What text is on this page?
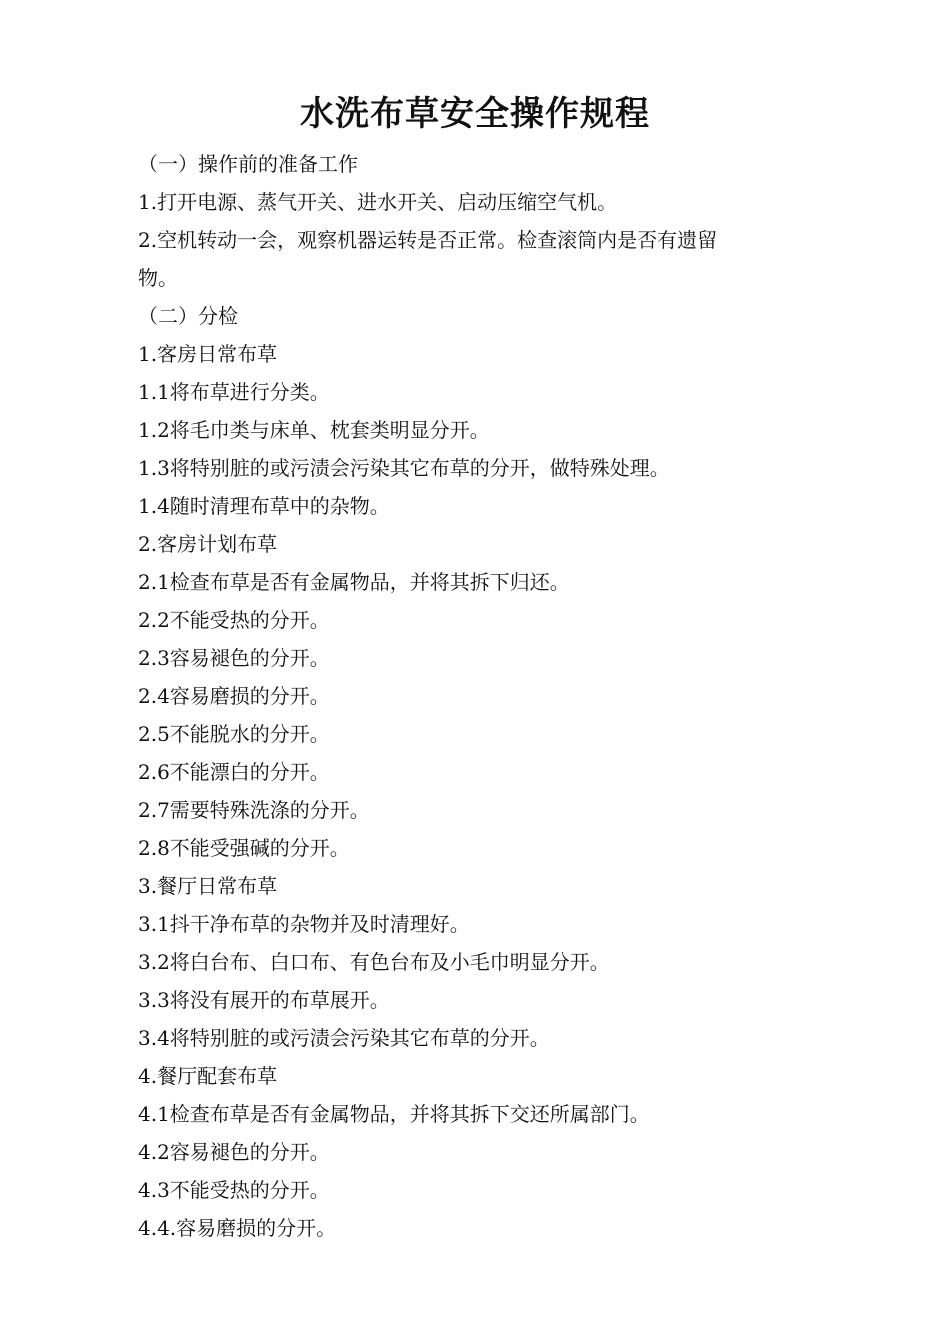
水洗布草安全操作规程

（一）操作前的准备工作

1.打开电源、蒸气开关、进水开关、启动压缩空气机。

2.空机转动一会，观察机器运转是否正常。检查滚筒内是否有遗留

物。

（二）分检

1.客房日常布草

1.1将布草进行分类。

1.2将毛巾类与床单、枕套类明显分开。

1.3将特别脏的或污渍会污染其它布草的分开，做特殊处理。

1.4随时清理布草中的杂物。

2.客房计划布草

2.1检查布草是否有金属物品，并将其拆下归还。

2.2不能受热的分开。

2.3容易褪色的分开。

2.4容易磨损的分开。

2.5不能脱水的分开。

2.6不能漂白的分开。

2.7需要特殊洗涤的分开。

2.8不能受强碱的分开。

3.餐厅日常布草

3.1抖干净布草的杂物并及时清理好。

3.2将白台布、白口布、有色台布及小毛巾明显分开。

3.3将没有展开的布草展开。

3.4将特别脏的或污渍会污染其它布草的分开。

4.餐厅配套布草

4.1检查布草是否有金属物品，并将其拆下交还所属部门。

4.2容易褪色的分开。

4.3不能受热的分开。

4.4.容易磨损的分开。
